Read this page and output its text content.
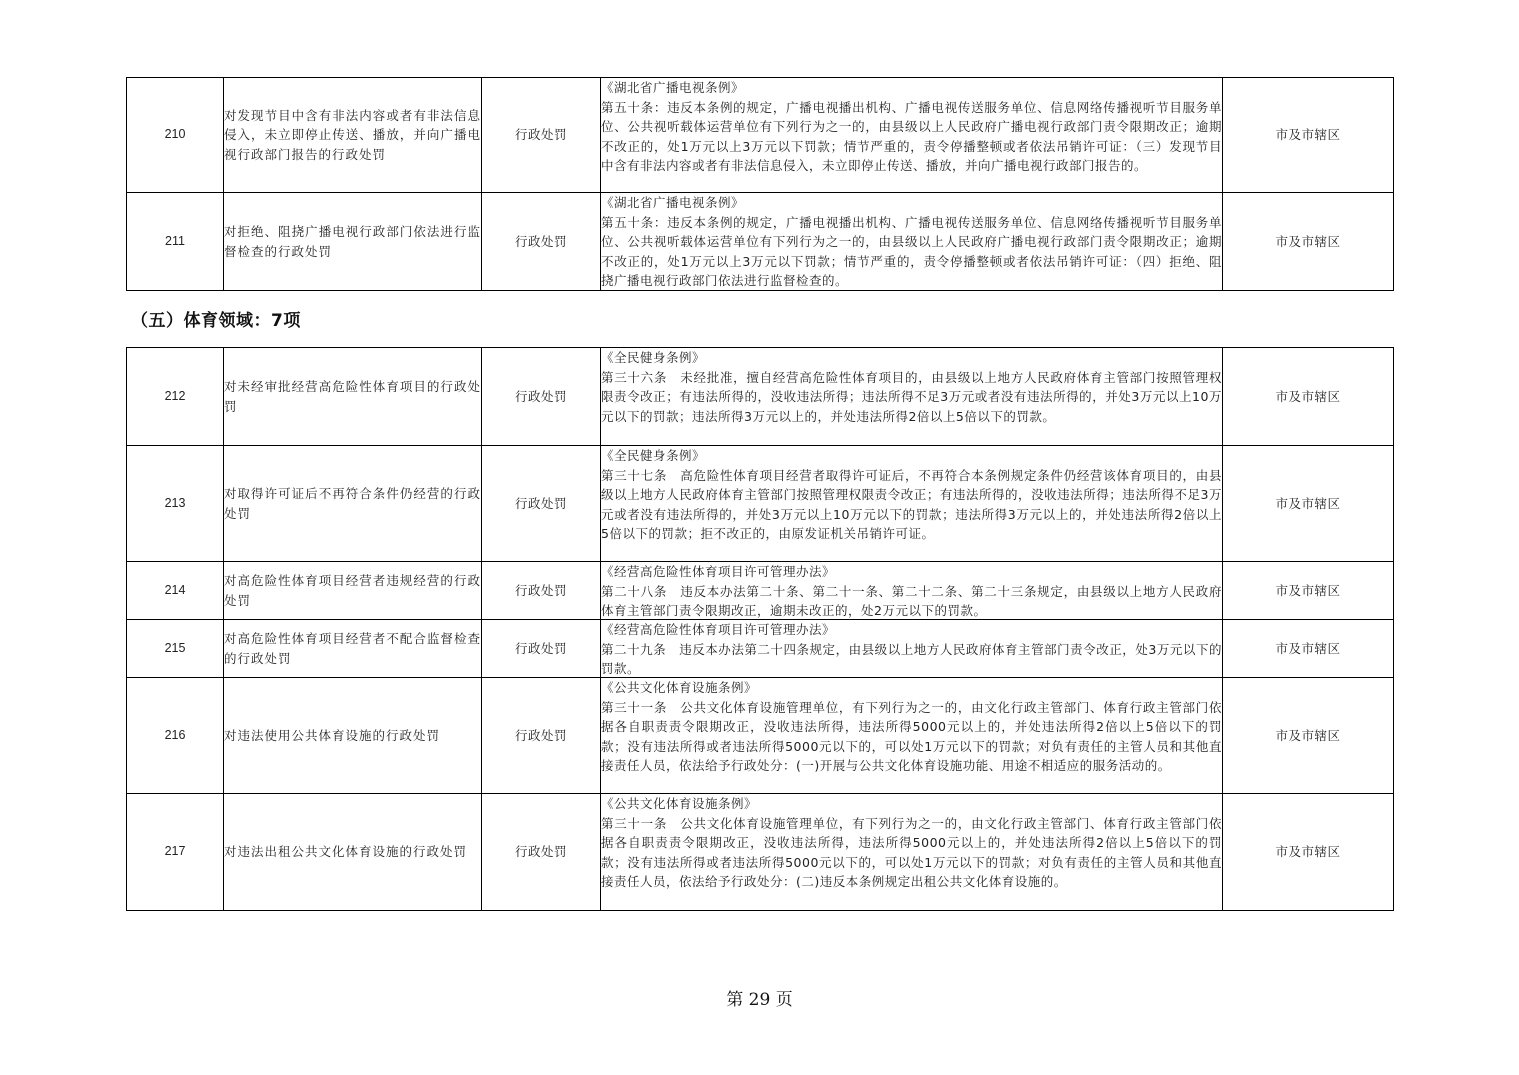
210	对发现节目中含有非法内容或者有非法信息侵入，未立即停止传送、播放，并向广播电视行政部门报告的行政处罚	行政处罚	《湖北省广播电视条例》
第五十条：违反本条例的规定，广播电视播出机构、广播电视传送服务单位、信息网络传播视听节目服务单位、公共视听载体运营单位有下列行为之一的，由县级以上人民政府广播电视行政部门责令限期改正；逾期不改正的，处1万元以上3万元以下罚款；情节严重的，责令停播整顿或者依法吊销许可证：（三）发现节目中含有非法内容或者有非法信息侵入，未立即停止传送、播放，并向广播电视行政部门报告的。	市及市辖区
211	对拒绝、阻挠广播电视行政部门依法进行监督检查的行政处罚	行政处罚	《湖北省广播电视条例》
第五十条：违反本条例的规定，广播电视播出机构、广播电视传送服务单位、信息网络传播视听节目服务单位、公共视听载体运营单位有下列行为之一的，由县级以上人民政府广播电视行政部门责令限期改正；逾期不改正的，处1万元以上3万元以下罚款；情节严重的，责令停播整顿或者依法吊销许可证：（四）拒绝、阻挠广播电视行政部门依法进行监督检查的。	市及市辖区
（五）体育领域：7项
212	对未经审批经营高危险性体育项目的行政处罚	行政处罚	《全民健身条例》
第三十六条　未经批准，擅自经营高危险性体育项目的，由县级以上地方人民政府体育主管部门按照管理权限责令改正；有违法所得的，没收违法所得；违法所得不足3万元或者没有违法所得的，并处3万元以上10万元以下的罚款；违法所得3万元以上的，并处违法所得2倍以上5倍以下的罚款。	市及市辖区
213	对取得许可证后不再符合条件仍经营的行政处罚	行政处罚	《全民健身条例》
第三十七条　高危险性体育项目经营者取得许可证后，不再符合本条例规定条件仍经营该体育项目的，由县级以上地方人民政府体育主管部门按照管理权限责令改正；有违法所得的，没收违法所得；违法所得不足3万元或者没有违法所得的，并处3万元以上10万元以下的罚款；违法所得3万元以上的，并处违法所得2倍以上5倍以下的罚款；拒不改正的，由原发证机关吊销许可证。	市及市辖区
214	对高危险性体育项目经营者违规经营的行政处罚	行政处罚	《经营高危险性体育项目许可管理办法》
第二十八条　违反本办法第二十条、第二十一条、第二十二条、第二十三条规定，由县级以上地方人民政府体育主管部门责令限期改正，逾期未改正的，处2万元以下的罚款。	市及市辖区
215	对高危险性体育项目经营者不配合监督检查的行政处罚	行政处罚	《经营高危险性体育项目许可管理办法》
第二十九条　违反本办法第二十四条规定，由县级以上地方人民政府体育主管部门责令改正，处3万元以下的罚款。	市及市辖区
216	对违法使用公共体育设施的行政处罚	行政处罚	《公共文化体育设施条例》
第三十一条　公共文化体育设施管理单位，有下列行为之一的，由文化行政主管部门、体育行政主管部门依据各自职责责令限期改正，没收违法所得，违法所得5000元以上的，并处违法所得2倍以上5倍以下的罚款；没有违法所得或者违法所得5000元以下的，可以处1万元以下的罚款；对负有责任的主管人员和其他直接责任人员，依法给予行政处分：(一)开展与公共文化体育设施功能、用途不相适应的服务活动的。	市及市辖区
217	对违法出租公共文化体育设施的行政处罚	行政处罚	《公共文化体育设施条例》
第三十一条　公共文化体育设施管理单位，有下列行为之一的，由文化行政主管部门、体育行政主管部门依据各自职责责令限期改正，没收违法所得，违法所得5000元以上的，并处违法所得2倍以上5倍以下的罚款；没有违法所得或者违法所得5000元以下的，可以处1万元以下的罚款；对负有责任的主管人员和其他直接责任人员，依法给予行政处分：(二)违反本条例规定出租公共文化体育设施的。	市及市辖区
第 29 页
